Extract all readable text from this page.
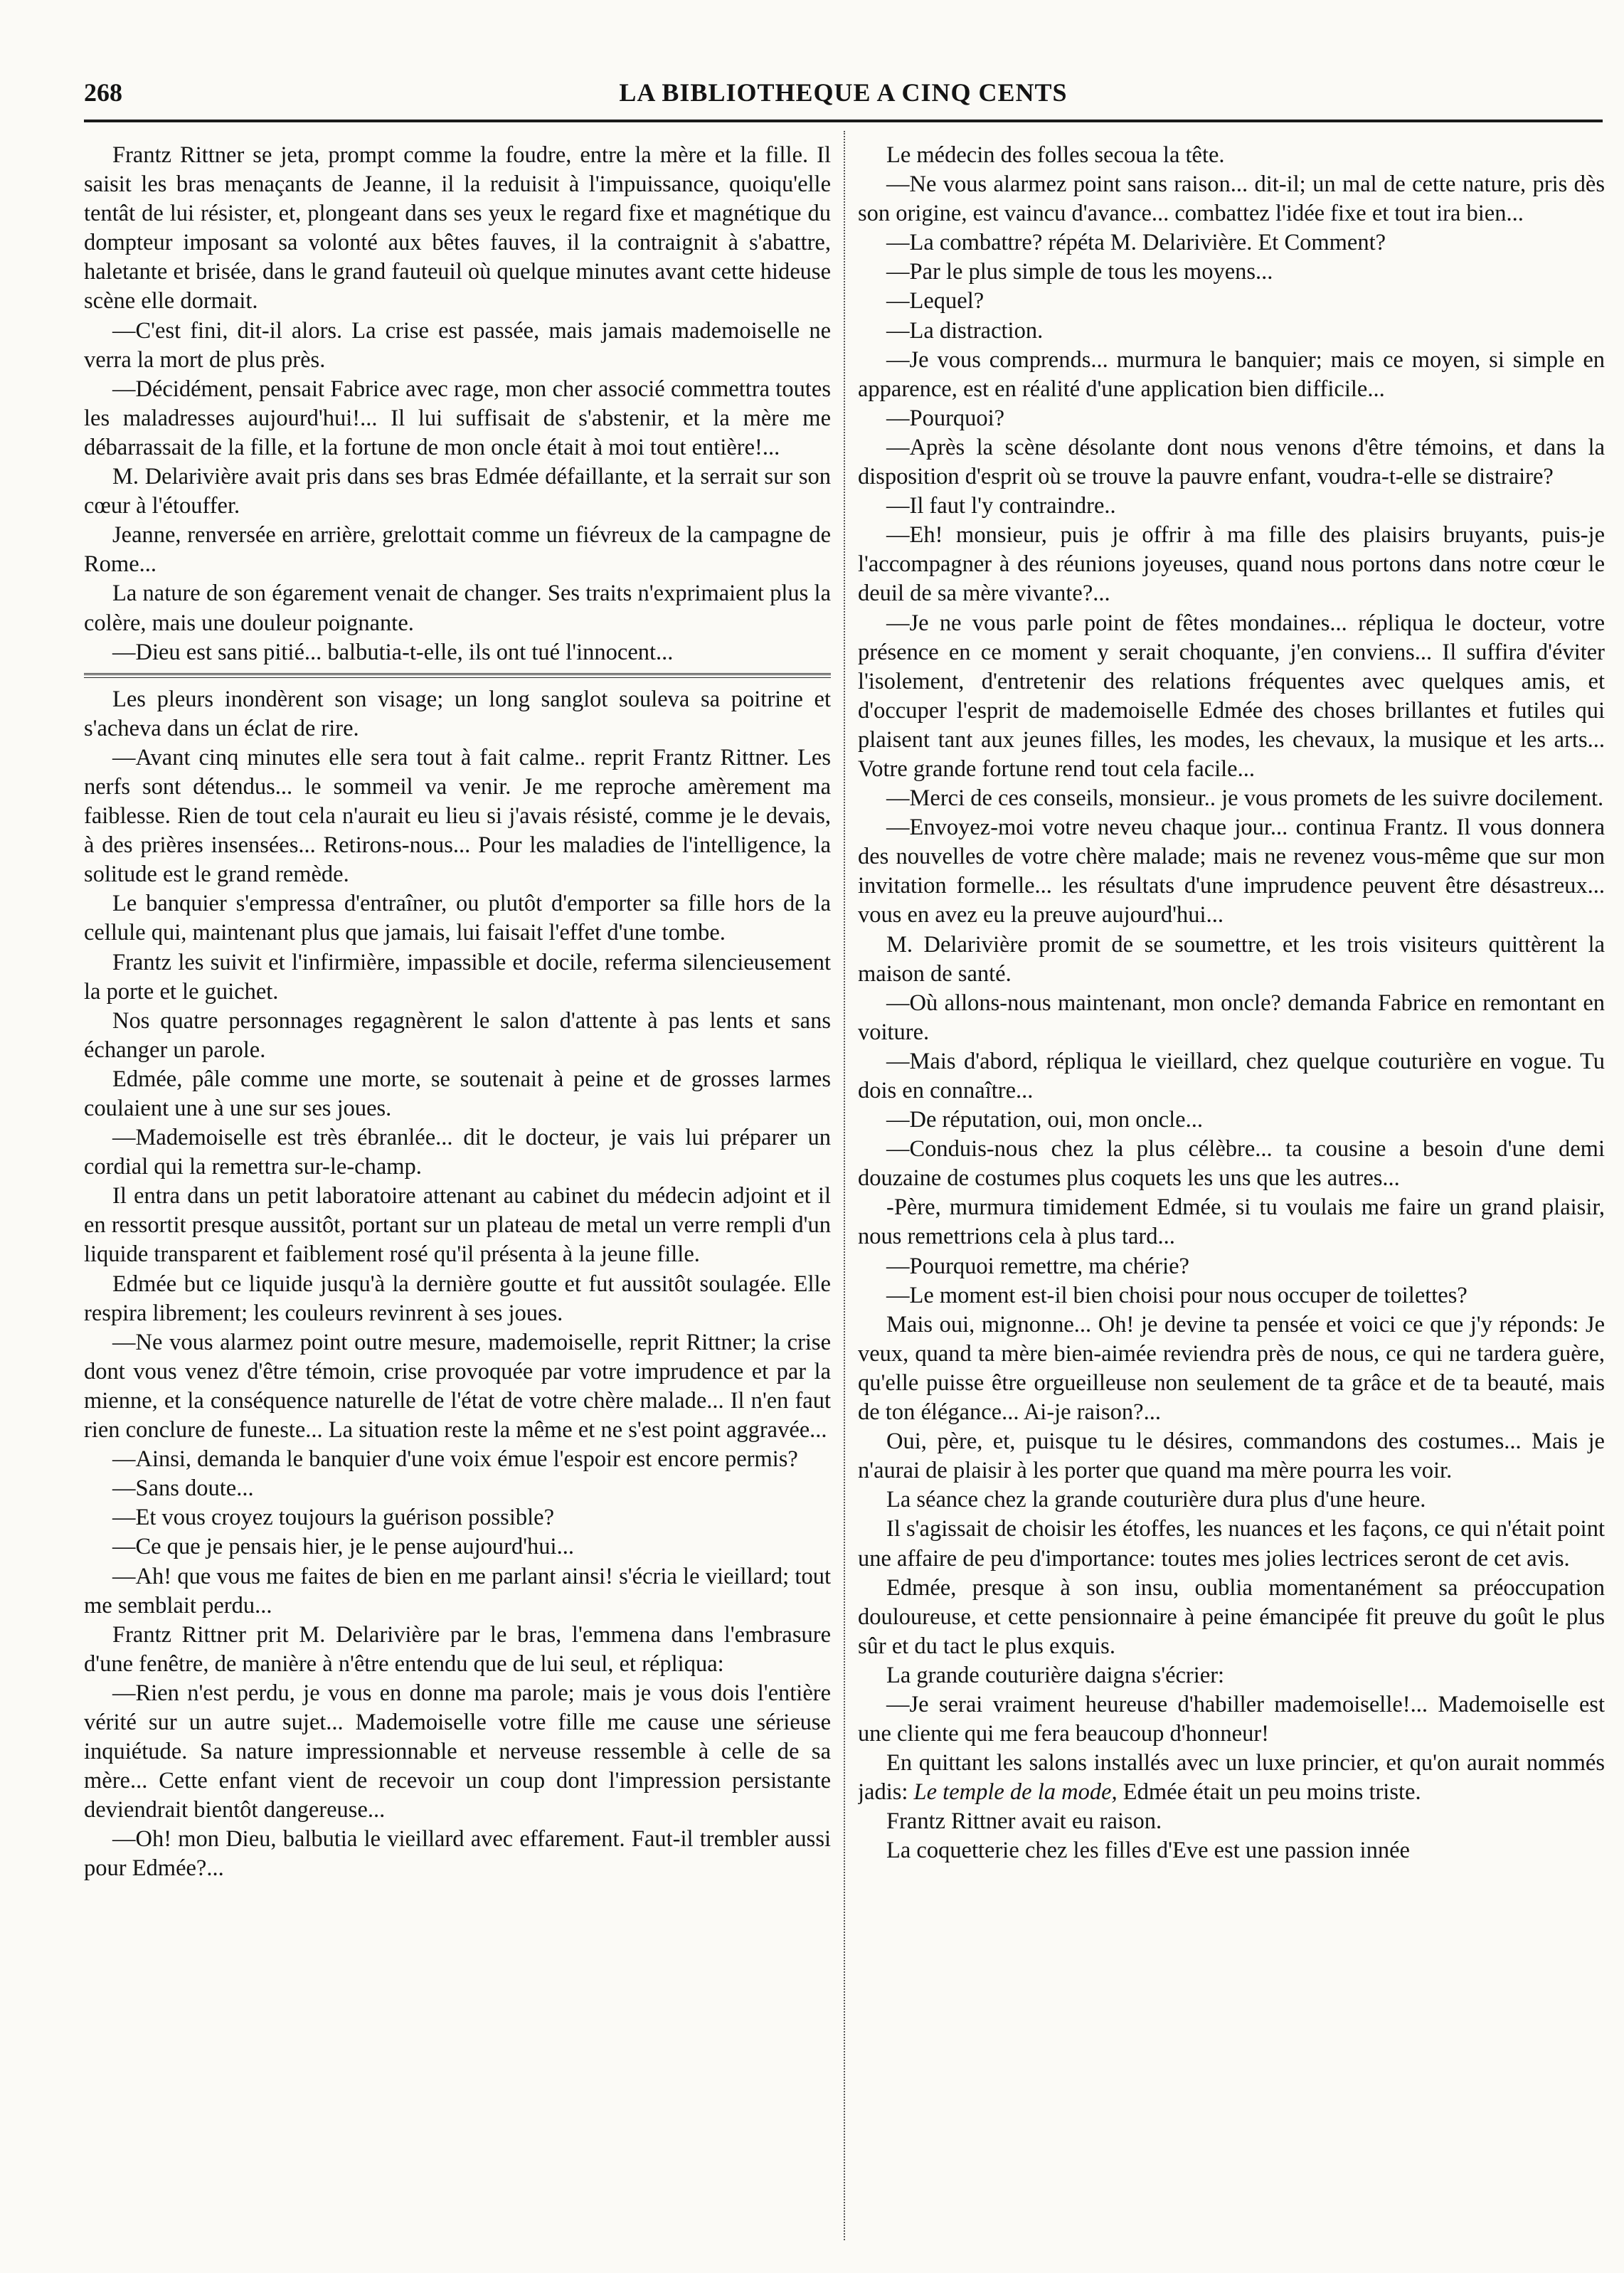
268	LA BIBLIOTHEQUE A CINQ CENTS

Frantz Rittner se jeta, prompt comme la foudre, entre la mère et la fille. Il saisit les bras menaçants de Jeanne, il la reduisit à l'impuissance, quoiqu'elle tentât de lui résister, et, plongeant dans ses yeux le regard fixe et magnétique du dompteur imposant sa volonté aux bêtes fauves, il la contraignit à s'abattre, haletante et brisée, dans le grand fauteuil où quelque minutes avant cette hideuse scène elle dormait.

—C'est fini, dit-il alors. La crise est passée, mais jamais mademoiselle ne verra la mort de plus près.

—Décidément, pensait Fabrice avec rage, mon cher associé commettra toutes les maladresses aujourd'hui!... Il lui suffisait de s'abstenir, et la mère me débarrassait de la fille, et la fortune de mon oncle était à moi tout entière!...

M. Delarivière avait pris dans ses bras Edmée défaillante, et la serrait sur son cœur à l'étouffer.

Jeanne, renversée en arrière, grelottait comme un fiévreux de la campagne de Rome...

La nature de son égarement venait de changer. Ses traits n'exprimaient plus la colère, mais une douleur poignante.

—Dieu est sans pitié... balbutia-t-elle, ils ont tué l'innocent...

Les pleurs inondèrent son visage; un long sanglot souleva sa poitrine et s'acheva dans un éclat de rire.

—Avant cinq minutes elle sera tout à fait calme.. reprit Frantz Rittner. Les nerfs sont détendus... le sommeil va venir. Je me reproche amèrement ma faiblesse. Rien de tout cela n'aurait eu lieu si j'avais résisté, comme je le devais, à des prières insensées... Retirons-nous... Pour les maladies de l'intelligence, la solitude est le grand remède.

Le banquier s'empressa d'entraîner, ou plutôt d'emporter sa fille hors de la cellule qui, maintenant plus que jamais, lui faisait l'effet d'une tombe.

Frantz les suivit et l'infirmière, impassible et docile, referma silencieusement la porte et le guichet.

Nos quatre personnages regagnèrent le salon d'attente à pas lents et sans échanger un parole.

Edmée, pâle comme une morte, se soutenait à peine et de grosses larmes coulaient une à une sur ses joues.

—Mademoiselle est très ébranlée... dit le docteur, je vais lui préparer un cordial qui la remettra sur-le-champ.

Il entra dans un petit laboratoire attenant au cabinet du médecin adjoint et il en ressortit presque aussitôt, portant sur un plateau de metal un verre rempli d'un liquide transparent et faiblement rosé qu'il présenta à la jeune fille.

Edmée but ce liquide jusqu'à la dernière goutte et fut aussitôt soulagée. Elle respira librement; les couleurs revinrent à ses joues.

—Ne vous alarmez point outre mesure, mademoiselle, reprit Rittner; la crise dont vous venez d'être témoin, crise provoquée par votre imprudence et par la mienne, et la conséquence naturelle de l'état de votre chère malade... Il n'en faut rien conclure de funeste... La situation reste la même et ne s'est point aggravée...

—Ainsi, demanda le banquier d'une voix émue l'espoir est encore permis?

—Sans doute...

—Et vous croyez toujours la guérison possible?

—Ce que je pensais hier, je le pense aujourd'hui...

—Ah! que vous me faites de bien en me parlant ainsi! s'écria le vieillard; tout me semblait perdu...

Frantz Rittner prit M. Delarivière par le bras, l'emmena dans l'embrasure d'une fenêtre, de manière à n'être entendu que de lui seul, et répliqua:

—Rien n'est perdu, je vous en donne ma parole; mais je vous dois l'entière vérité sur un autre sujet... Mademoiselle votre fille me cause une sérieuse inquiétude. Sa nature impressionnable et nerveuse ressemble à celle de sa mère... Cette enfant vient de recevoir un coup dont l'impression persistante deviendrait bientôt dangereuse...

—Oh! mon Dieu, balbutia le vieillard avec effarement. Faut-il trembler aussi pour Edmée?...

Le médecin des folles secoua la tête.

—Ne vous alarmez point sans raison... dit-il; un mal de cette nature, pris dès son origine, est vaincu d'avance... combattez l'idée fixe et tout ira bien...

—La combattre? répéta M. Delarivière. Et Comment?

—Par le plus simple de tous les moyens...

—Lequel?

—La distraction.

—Je vous comprends... murmura le banquier; mais ce moyen, si simple en apparence, est en réalité d'une application bien difficile...

—Pourquoi?

—Après la scène désolante dont nous venons d'être témoins, et dans la disposition d'esprit où se trouve la pauvre enfant, voudra-t-elle se distraire?

—Il faut l'y contraindre..

—Eh! monsieur, puis je offrir à ma fille des plaisirs bruyants, puis-je l'accompagner à des réunions joyeuses, quand nous portons dans notre cœur le deuil de sa mère vivante?...

—Je ne vous parle point de fêtes mondaines... répliqua le docteur, votre présence en ce moment y serait choquante, j'en conviens... Il suffira d'éviter l'isolement, d'entretenir des relations fréquentes avec quelques amis, et d'occuper l'esprit de mademoiselle Edmée des choses brillantes et futiles qui plaisent tant aux jeunes filles, les modes, les chevaux, la musique et les arts... Votre grande fortune rend tout cela facile...

—Merci de ces conseils, monsieur.. je vous promets de les suivre docilement.

—Envoyez-moi votre neveu chaque jour... continua Frantz. Il vous donnera des nouvelles de votre chère malade; mais ne revenez vous-même que sur mon invitation formelle... les résultats d'une imprudence peuvent être désastreux... vous en avez eu la preuve aujourd'hui...

M. Delarivière promit de se soumettre, et les trois visiteurs quittèrent la maison de santé.

—Où allons-nous maintenant, mon oncle? demanda Fabrice en remontant en voiture.

—Mais d'abord, répliqua le vieillard, chez quelque couturière en vogue. Tu dois en connaître...

—De réputation, oui, mon oncle...

—Conduis-nous chez la plus célèbre... ta cousine a besoin d'une demi douzaine de costumes plus coquets les uns que les autres...

-Père, murmura timidement Edmée, si tu voulais me faire un grand plaisir, nous remettrions cela à plus tard...

—Pourquoi remettre, ma chérie?

—Le moment est-il bien choisi pour nous occuper de toilettes?

Mais oui, mignonne... Oh! je devine ta pensée et voici ce que j'y réponds: Je veux, quand ta mère bien-aimée reviendra près de nous, ce qui ne tardera guère, qu'elle puisse être orgueilleuse non seulement de ta grâce et de ta beauté, mais de ton élégance... Ai-je raison?...

Oui, père, et, puisque tu le désires, commandons des costumes... Mais je n'aurai de plaisir à les porter que quand ma mère pourra les voir.

La séance chez la grande couturière dura plus d'une heure.

Il s'agissait de choisir les étoffes, les nuances et les façons, ce qui n'était point une affaire de peu d'importance: toutes mes jolies lectrices seront de cet avis.

Edmée, presque à son insu, oublia momentanément sa préoccupation douloureuse, et cette pensionnaire à peine émancipée fit preuve du goût le plus sûr et du tact le plus exquis.

La grande couturière daigna s'écrier:

—Je serai vraiment heureuse d'habiller mademoiselle!... Mademoiselle est une cliente qui me fera beaucoup d'honneur!

En quittant les salons installés avec un luxe princier, et qu'on aurait nommés jadis: Le temple de la mode, Edmée était un peu moins triste.

Frantz Rittner avait eu raison.

La coquetterie chez les filles d'Eve est une passion innée
